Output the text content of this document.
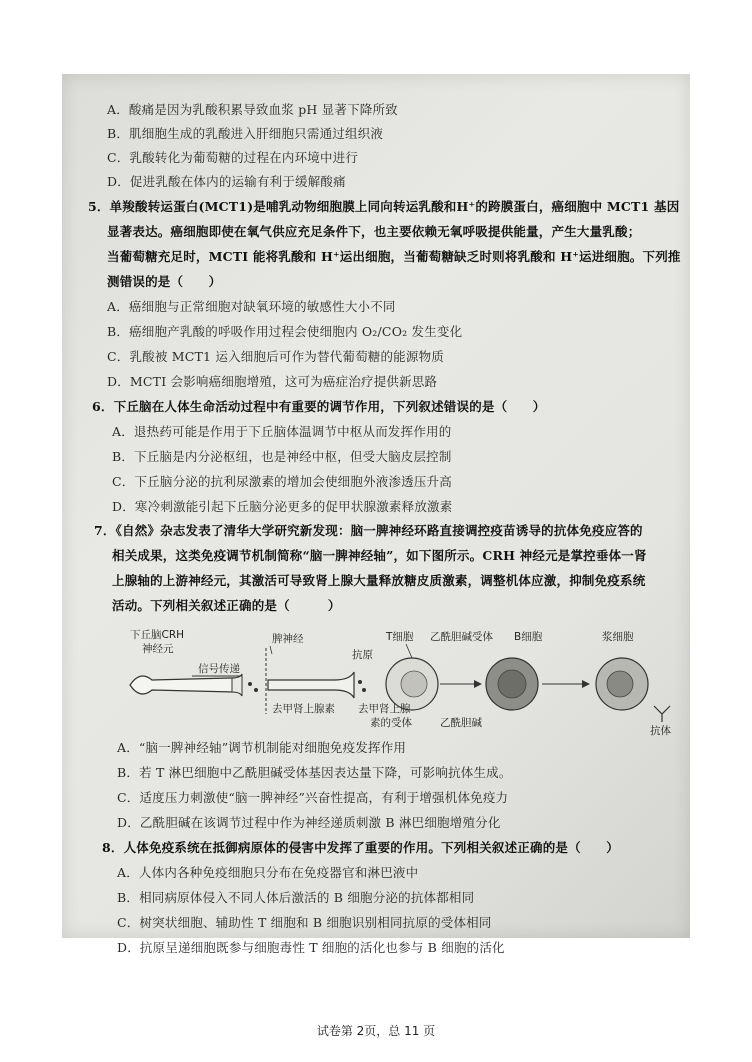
A．酸痛是因为乳酸积累导致血浆 pH 显著下降所致
B．肌细胞生成的乳酸进入肝细胞只需通过组织液
C．乳酸转化为葡萄糖的过程在内环境中进行
D．促进乳酸在体内的运输有利于缓解酸痛
5．单羧酸转运蛋白(MCT1)是哺乳动物细胞膜上同向转运乳酸和H⁺的跨膜蛋白，癌细胞中 MCT1 基因
显著表达。癌细胞即使在氧气供应充足条件下，也主要依赖无氧呼吸提供能量，产生大量乳酸；
当葡萄糖充足时，MCTI 能将乳酸和 H⁺运出细胞，当葡萄糖缺乏时则将乳酸和 H⁺运进细胞。下列推
测错误的是（　　）
A．癌细胞与正常细胞对缺氧环境的敏感性大小不同
B．癌细胞产乳酸的呼吸作用过程会使细胞内 O₂/CO₂ 发生变化
C．乳酸被 MCT1 运入细胞后可作为替代葡萄糖的能源物质
D．MCTI 会影响癌细胞增殖，这可为癌症治疗提供新思路
6．下丘脑在人体生命活动过程中有重要的调节作用，下列叙述错误的是（　　）
A．退热药可能是作用于下丘脑体温调节中枢从而发挥作用的
B．下丘脑是内分泌枢纽，也是神经中枢，但受大脑皮层控制
C．下丘脑分泌的抗利尿激素的增加会使细胞外液渗透压升高
D．寒冷刺激能引起下丘脑分泌更多的促甲状腺激素释放激素
7．《自然》杂志发表了清华大学研究新发现：脑一脾神经环路直接调控疫苗诱导的抗体免疫应答的
相关成果，这类免疫调节机制简称“脑一脾神经轴”，如下图所示。CRH 神经元是掌控垂体一肾
上腺轴的上游神经元，其激活可导致肾上腺大量释放糖皮质激素，调整机体应激，抑制免疫系统
活动。下列相关叙述正确的是（　　　）
下丘脑CRH
神经元
信号传递
脾神经
去甲肾上腺素
抗原
T细胞 乙酰胆碱受体
去甲肾上腺
素的受体	乙酰胆碱
B细胞	浆细胞
抗体
A．“脑一脾神经轴”调节机制能对细胞免疫发挥作用
B．若 T 淋巴细胞中乙酰胆碱受体基因表达量下降，可影响抗体生成。
C．适度压力刺激使“脑一脾神经”兴奋性提高，有利于增强机体免疫力
D．乙酰胆碱在该调节过程中作为神经递质刺激 B 淋巴细胞增殖分化
8．人体免疫系统在抵御病原体的侵害中发挥了重要的作用。下列相关叙述正确的是（　　）
A．人体内各种免疫细胞只分布在免疫器官和淋巴液中
B．相同病原体侵入不同人体后激活的 B 细胞分泌的抗体都相同
C．树突状细胞、辅助性 T 细胞和 B 细胞识别相同抗原的受体相同
D．抗原呈递细胞既参与细胞毒性 T 细胞的活化也参与 B 细胞的活化
试卷第 2页，总 11 页
